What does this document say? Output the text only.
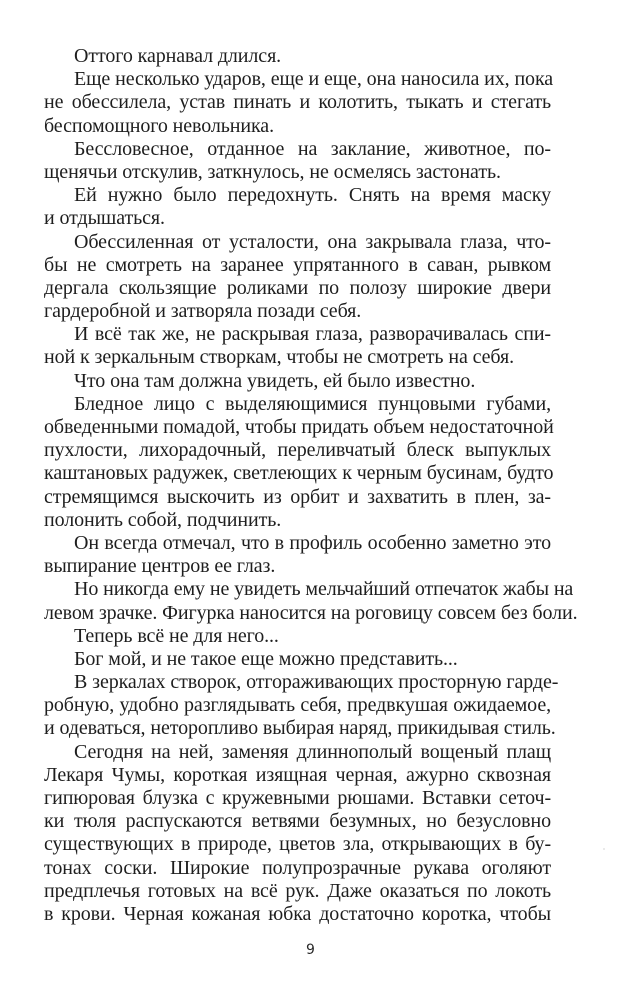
Оттого карнавал длился.
Еще несколько ударов, еще и еще, она наносила их, пока
не обессилела, устав пинать и колотить, тыкать и стегать
беспомощного невольника.
Бессловесное, отданное на заклание, животное, по-
щенячьи отскулив, заткнулось, не осмелясь застонать.
Ей нужно было передохнуть. Снять на время маску
и отдышаться.
Обессиленная от усталости, она закрывала глаза, что-
бы не смотреть на заранее упрятанного в саван, рывком
дергала скользящие роликами по полозу широкие двери
гардеробной и затворяла позади себя.
И всё так же, не раскрывая глаза, разворачивалась спи-
ной к зеркальным створкам, чтобы не смотреть на себя.
Что она там должна увидеть, ей было известно.
Бледное лицо с выделяющимися пунцовыми губами,
обведенными помадой, чтобы придать объем недостаточной
пухлости, лихорадочный, переливчатый блеск выпуклых
каштановых радужек, светлеющих к черным бусинам, будто
стремящимся выскочить из орбит и захватить в плен, за-
полонить собой, подчинить.
Он всегда отмечал, что в профиль особенно заметно это
выпирание центров ее глаз.
Но никогда ему не увидеть мельчайший отпечаток жабы на
левом зрачке. Фигурка наносится на роговицу совсем без боли.
Теперь всё не для него...
Бог мой, и не такое еще можно представить...
В зеркалах створок, отгораживающих просторную гарде-
робную, удобно разглядывать себя, предвкушая ожидаемое,
и одеваться, неторопливо выбирая наряд, прикидывая стиль.
Сегодня на ней, заменяя длиннополый вощеный плащ
Лекаря Чумы, короткая изящная черная, ажурно сквозная
гипюровая блузка с кружевными рюшами. Вставки сеточ-
ки тюля распускаются ветвями безумных, но безусловно
существующих в природе, цветов зла, открывающих в бу-
тонах соски. Широкие полупрозрачные рукава оголяют
предплечья готовых на всё рук. Даже оказаться по локоть
в крови. Черная кожаная юбка достаточно коротка, чтобы
9
